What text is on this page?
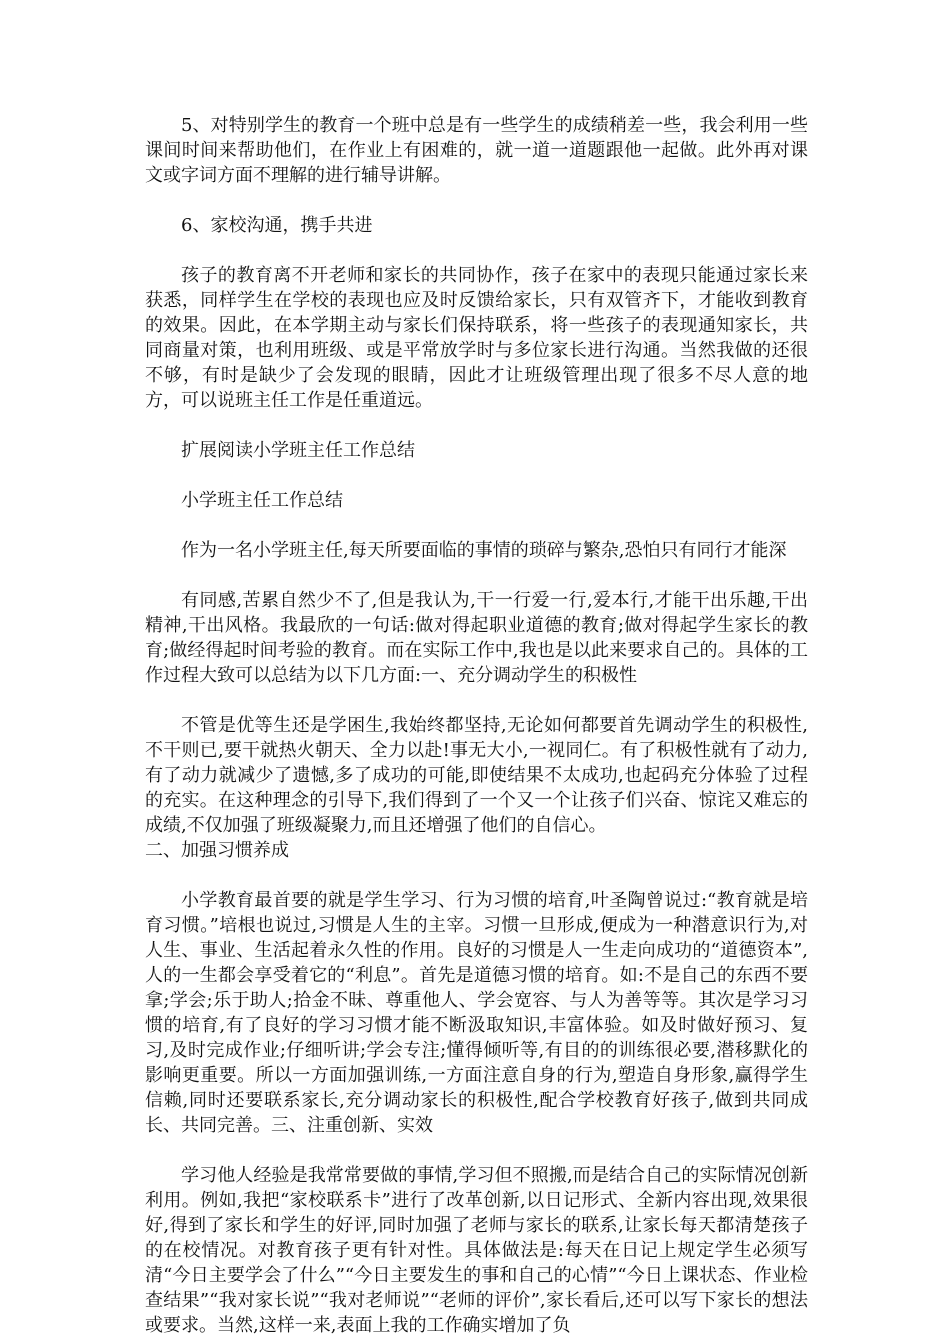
5、对特别学生的教育一个班中总是有一些学生的成绩稍差一些，我会利用一些课间时间来帮助他们，在作业上有困难的，就一道一道题跟他一起做。此外再对课文或字词方面不理解的进行辅导讲解。

6、家校沟通，携手共进

孩子的教育离不开老师和家长的共同协作，孩子在家中的表现只能通过家长来获悉，同样学生在学校的表现也应及时反馈给家长，只有双管齐下，才能收到教育的效果。因此，在本学期主动与家长们保持联系，将一些孩子的表现通知家长，共同商量对策，也利用班级、或是平常放学时与多位家长进行沟通。当然我做的还很不够，有时是缺少了会发现的眼睛，因此才让班级管理出现了很多不尽人意的地方，可以说班主任工作是任重道远。

扩展阅读小学班主任工作总结

小学班主任工作总结

作为一名小学班主任,每天所要面临的事情的琐碎与繁杂,恐怕只有同行才能深

有同感,苦累自然少不了,但是我认为,干一行爱一行,爱本行,才能干出乐趣,干出精神,干出风格。我最欣的一句话:做对得起职业道德的教育;做对得起学生家长的教育;做经得起时间考验的教育。而在实际工作中,我也是以此来要求自己的。具体的工作过程大致可以总结为以下几方面:一、充分调动学生的积极性

不管是优等生还是学困生,我始终都坚持,无论如何都要首先调动学生的积极性,不干则已,要干就热火朝天、全力以赴!事无大小,一视同仁。有了积极性就有了动力,有了动力就减少了遗憾,多了成功的可能,即使结果不太成功,也起码充分体验了过程的充实。在这种理念的引导下,我们得到了一个又一个让孩子们兴奋、惊诧又难忘的成绩,不仅加强了班级凝聚力,而且还增强了他们的自信心。

二、加强习惯养成

小学教育最首要的就是学生学习、行为习惯的培育,叶圣陶曾说过:“教育就是培育习惯。”培根也说过,习惯是人生的主宰。习惯一旦形成,便成为一种潜意识行为,对人生、事业、生活起着永久性的作用。良好的习惯是人一生走向成功的“道德资本”,人的一生都会享受着它的“利息”。首先是道德习惯的培育。如:不是自己的东西不要拿;学会;乐于助人;拾金不昧、尊重他人、学会宽容、与人为善等等。其次是学习习惯的培育,有了良好的学习习惯才能不断汲取知识,丰富体验。如及时做好预习、复习,及时完成作业;仔细听讲;学会专注;懂得倾听等,有目的的训练很必要,潜移默化的影响更重要。所以一方面加强训练,一方面注意自身的行为,塑造自身形象,赢得学生信赖,同时还要联系家长,充分调动家长的积极性,配合学校教育好孩子,做到共同成长、共同完善。三、注重创新、实效

学习他人经验是我常常要做的事情,学习但不照搬,而是结合自己的实际情况创新利用。例如,我把“家校联系卡”进行了改革创新,以日记形式、全新内容出现,效果很好,得到了家长和学生的好评,同时加强了老师与家长的联系,让家长每天都清楚孩子的在校情况。对教育孩子更有针对性。具体做法是:每天在日记上规定学生必须写清“今日主要学会了什么”“今日主要发生的事和自己的心情”“今日上课状态、作业检查结果”“我对家长说”“我对老师说”“老师的评价”,家长看后,还可以写下家长的想法或要求。当然,这样一来,表面上我的工作确实增加了负
